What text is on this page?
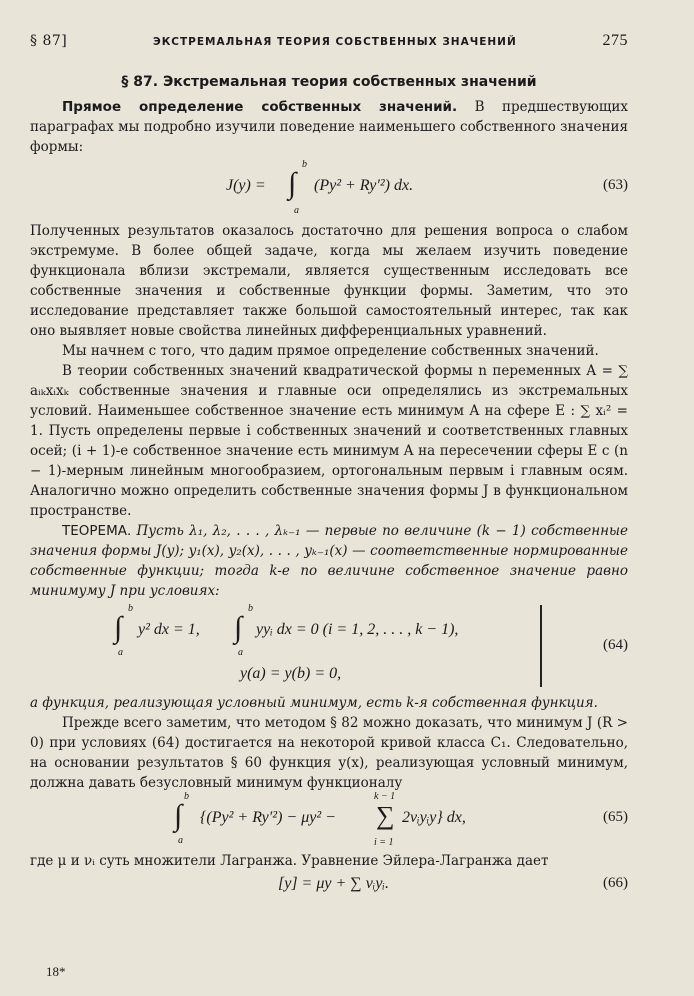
§ 87]	ЭКСТРЕМАЛЬНАЯ ТЕОРИЯ СОБСТВЕННЫХ ЗНАЧЕНИЙ	275
§ 87. Экстремальная теория собственных значений

Прямое определение собственных значений. В предшествующих параграфах мы подробно изучили поведение наименьшего собственного значения формы:

J(y) = ∫
b
a
(Py² + Ry′²) dx.	(63)

Полученных результатов оказалось достаточно для решения вопроса о слабом экстремуме. В более общей задаче, когда мы желаем изучить поведение функционала вблизи экстремали, является существенным исследовать все собственные значения и собственные функции формы. Заметим, что это исследование представляет также большой самостоятельный интерес, так как оно выявляет новые свойства линейных дифференциальных уравнений.

Мы начнем с того, что дадим прямое определение собственных значений.

В теории собственных значений квадратической формы n переменных A = ∑ aᵢₖxᵢxₖ собственные значения и главные оси определялись из экстремальных условий. Наименьшее собственное значение есть минимум A на сфере E : ∑ xᵢ² = 1. Пусть определены первые i собственных значений и соответственных главных осей; (i + 1)-е собственное значение есть минимум A на пересечении сферы E с (n − 1)-мерным линейным многообразием, ортогональным первым i главным осям. Аналогично можно определить собственные значения формы J в функциональном пространстве.

ТЕОРЕМА. Пусть λ₁, λ₂, . . . , λₖ₋₁ — первые по величине (k − 1) собственные значения формы J(y); y₁(x), y₂(x), . . . , yₖ₋₁(x) — соответственные нормированные собственные функции; тогда k-е по величине собственное значение равно минимуму J при условиях:

∫
b
a
y² dx = 1, ∫
b
a
yyᵢ dx = 0 (i = 1, 2, . . . , k − 1),
y(a) = y(b) = 0,
(64)

а функция, реализующая условный минимум, есть k-я собственная функция.

Прежде всего заметим, что методом § 82 можно доказать, что минимум J (R > 0) при условиях (64) достигается на некоторой кривой класса C₁. Следовательно, на основании результатов § 60 функция y(x), реализующая условный минимум, должна давать безусловный минимум функционалу

∫
b
a
{(Py² + Ry′²) − μy² − ∑
k − 1
i = 1
2νᵢyᵢy} dx,	(65)

где μ и νᵢ суть множители Лагранжа. Уравнение Эйлера-Лагранжа дает

[y] = μy + ∑ νᵢyᵢ.	(66)
18*
